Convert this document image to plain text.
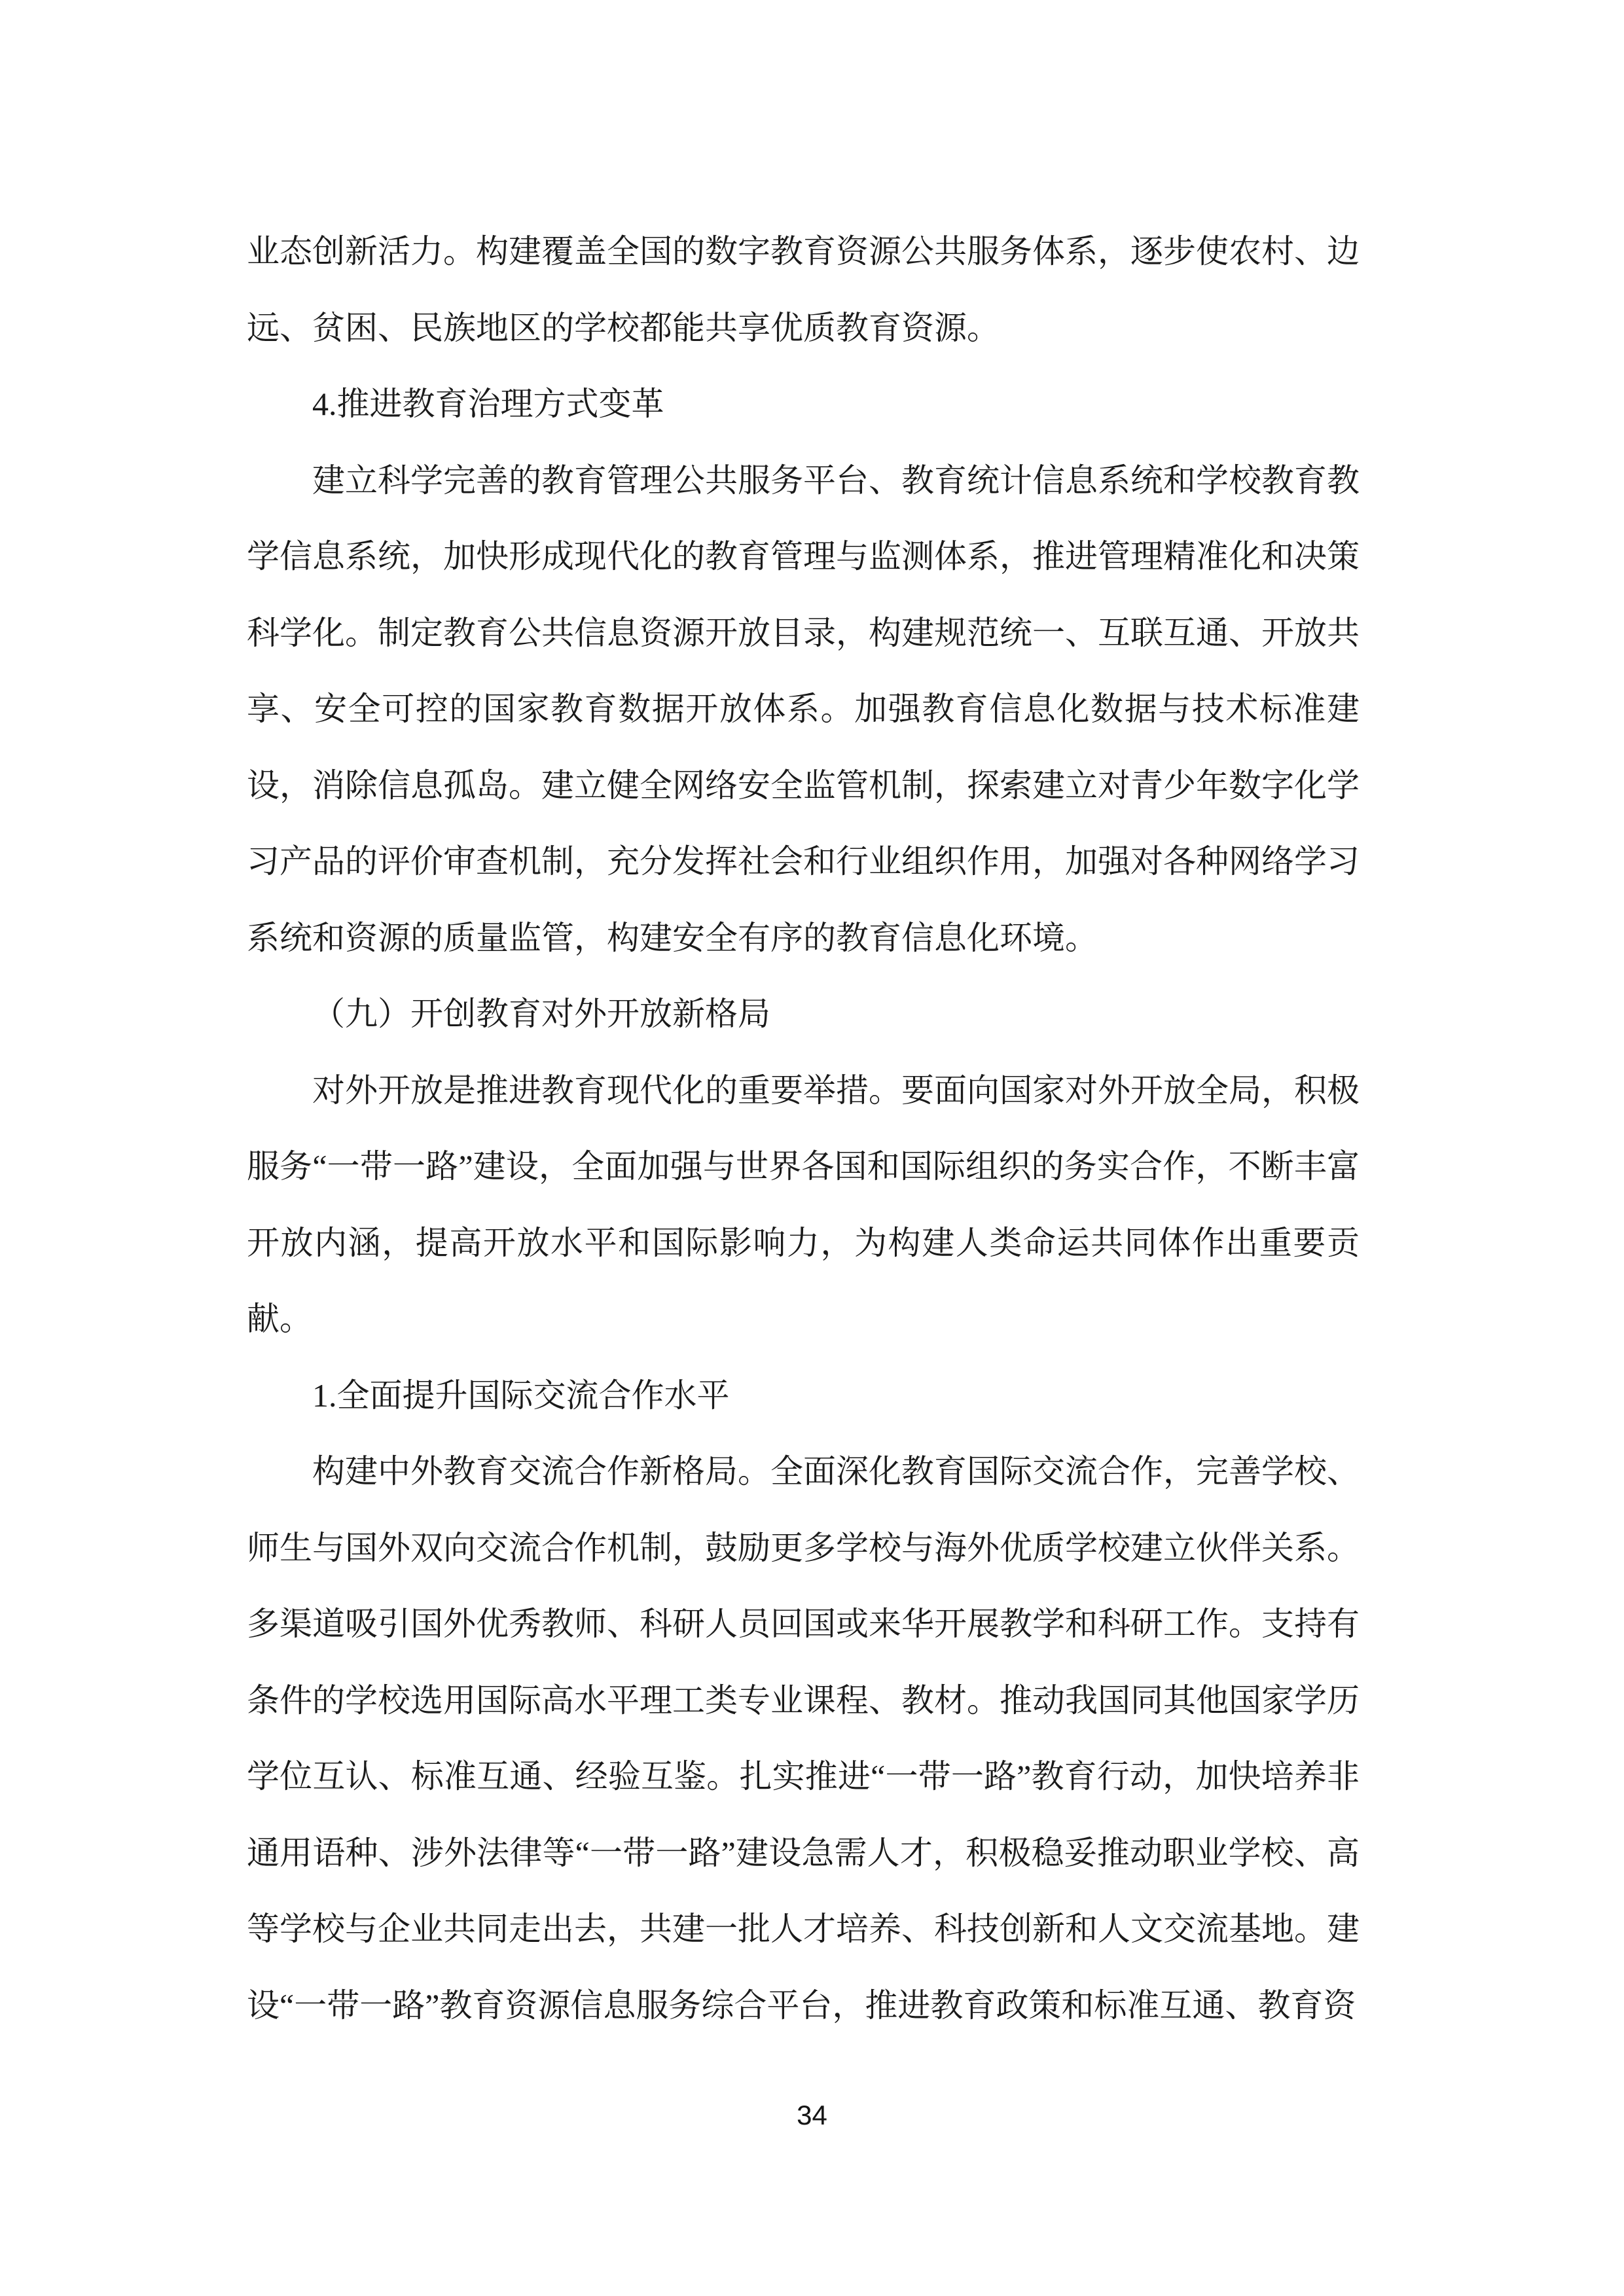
业态创新活力。构建覆盖全国的数字教育资源公共服务体系，逐步使农村、边远、贫困、民族地区的学校都能共享优质教育资源。

4.推进教育治理方式变革

建立科学完善的教育管理公共服务平台、教育统计信息系统和学校教育教学信息系统，加快形成现代化的教育管理与监测体系，推进管理精准化和决策科学化。制定教育公共信息资源开放目录，构建规范统一、互联互通、开放共享、安全可控的国家教育数据开放体系。加强教育信息化数据与技术标准建设，消除信息孤岛。建立健全网络安全监管机制，探索建立对青少年数字化学习产品的评价审查机制，充分发挥社会和行业组织作用，加强对各种网络学习系统和资源的质量监管，构建安全有序的教育信息化环境。

（九）开创教育对外开放新格局

对外开放是推进教育现代化的重要举措。要面向国家对外开放全局，积极服务“一带一路”建设，全面加强与世界各国和国际组织的务实合作，不断丰富开放内涵，提高开放水平和国际影响力，为构建人类命运共同体作出重要贡献。

1.全面提升国际交流合作水平

构建中外教育交流合作新格局。全面深化教育国际交流合作，完善学校、师生与国外双向交流合作机制，鼓励更多学校与海外优质学校建立伙伴关系。多渠道吸引国外优秀教师、科研人员回国或来华开展教学和科研工作。支持有条件的学校选用国际高水平理工类专业课程、教材。推动我国同其他国家学历学位互认、标准互通、经验互鉴。扎实推进“一带一路”教育行动，加快培养非通用语种、涉外法律等“一带一路”建设急需人才，积极稳妥推动职业学校、高等学校与企业共同走出去，共建一批人才培养、科技创新和人文交流基地。建设“一带一路”教育资源信息服务综合平台，推进教育政策和标准互通、教育资

34
